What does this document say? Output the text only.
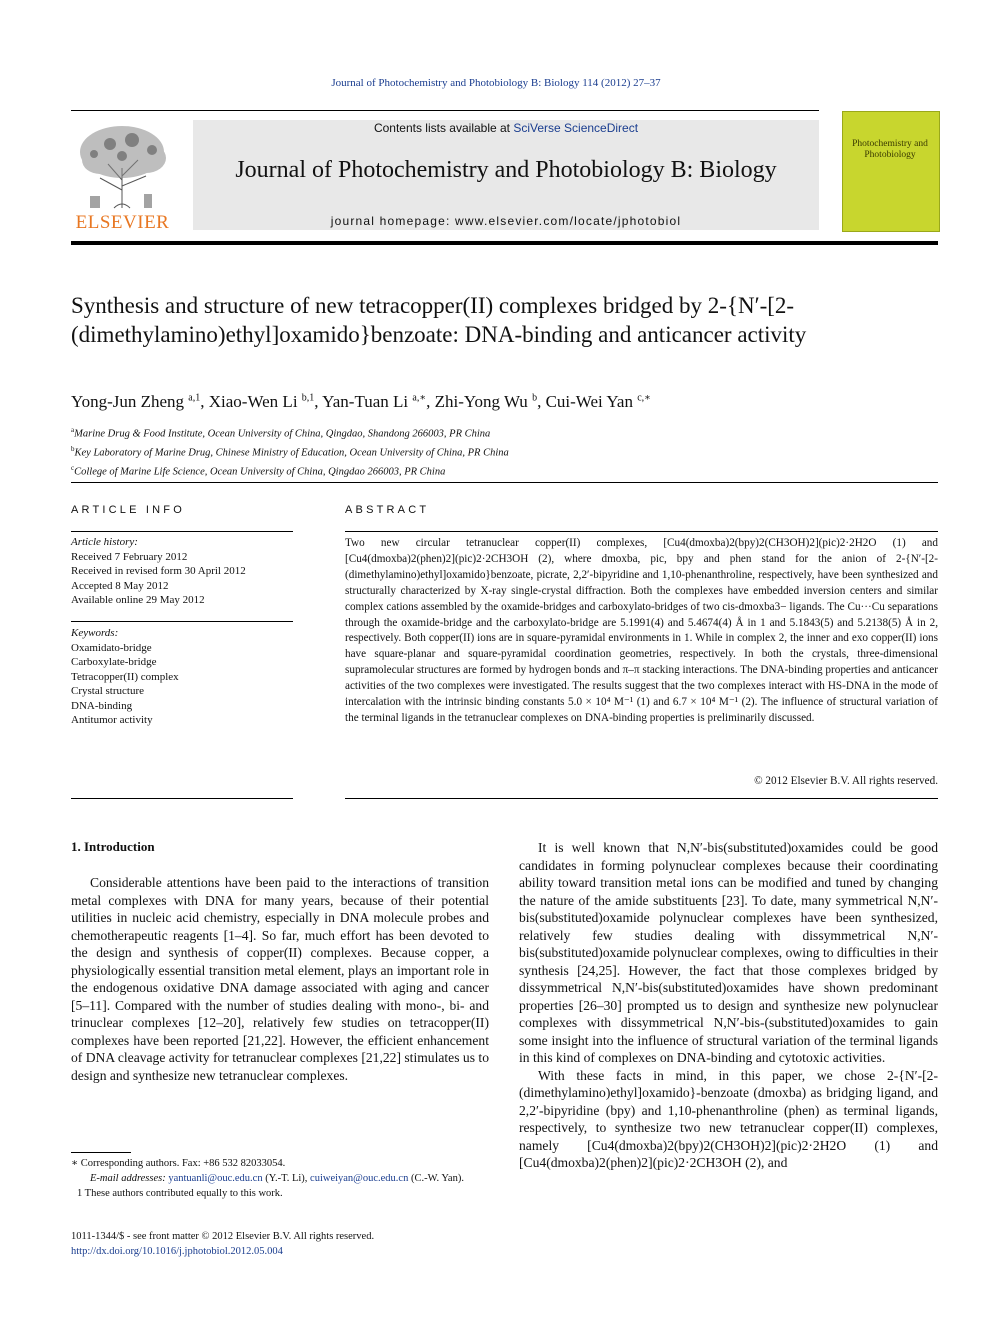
Journal of Photochemistry and Photobiology B: Biology 114 (2012) 27–37
ELSEVIER
Contents lists available at SciVerse ScienceDirect
Journal of Photochemistry and Photobiology B: Biology
journal homepage: www.elsevier.com/locate/jphotobiol
Photochemistry and Photobiology
Synthesis and structure of new tetracopper(II) complexes bridged by 2-{N′-[2-(dimethylamino)ethyl]oxamido}benzoate: DNA-binding and anticancer activity
Yong-Jun Zheng $^{a,1}$, Xiao-Wen Li $^{b,1}$, Yan-Tuan Li $^{a,∗}$, Zhi-Yong Wu $^b$, Cui-Wei Yan $^{c,∗}$
$^a$Marine Drug & Food Institute, Ocean University of China, Qingdao, Shandong 266003, PR China
$^b$Key Laboratory of Marine Drug, Chinese Ministry of Education, Ocean University of China, PR China
$^c$College of Marine Life Science, Ocean University of China, Qingdao 266003, PR China
ARTICLE INFO
Article history:
Received 7 February 2012
Received in revised form 30 April 2012
Accepted 8 May 2012
Available online 29 May 2012
Keywords:
Oxamidato-bridge
Carboxylate-bridge
Tetracopper(II) complex
Crystal structure
DNA-binding
Antitumor activity
ABSTRACT
Two new circular tetranuclear copper(II) complexes, [Cu4(dmoxba)2(bpy)2(CH3OH)2](pic)2·2H2O (1) and [Cu4(dmoxba)2(phen)2](pic)2·2CH3OH (2), where dmoxba, pic, bpy and phen stand for the anion of 2-{N′-[2-(dimethylamino)ethyl]oxamido}benzoate, picrate, 2,2′-bipyridine and 1,10-phenanthroline, respectively, have been synthesized and structurally characterized by X-ray single-crystal diffraction. Both the complexes have embedded inversion centers and similar complex cations assembled by the oxamide-bridges and carboxylato-bridges of two cis-dmoxba3− ligands. The Cu···Cu separations through the oxamide-bridge and the carboxylato-bridge are 5.1991(4) and 5.4674(4) Å in 1 and 5.1843(5) and 5.2138(5) Å in 2, respectively. Both copper(II) ions are in square-pyramidal environments in 1. While in complex 2, the inner and exo copper(II) ions have square-planar and square-pyramidal coordination geometries, respectively. In both the crystals, three-dimensional supramolecular structures are formed by hydrogen bonds and π–π stacking interactions. The DNA-binding properties and anticancer activities of the two complexes were investigated. The results suggest that the two complexes interact with HS-DNA in the mode of intercalation with the intrinsic binding constants 5.0 × 10⁴ M⁻¹ (1) and 6.7 × 10⁴ M⁻¹ (2). The influence of structural variation of the terminal ligands in the tetranuclear complexes on DNA-binding properties is preliminarily discussed.
© 2012 Elsevier B.V. All rights reserved.
1. Introduction

Considerable attentions have been paid to the interactions of transition metal complexes with DNA for many years, because of their potential utilities in nucleic acid chemistry, especially in DNA molecule probes and chemotherapeutic reagents [1–4]. So far, much effort has been devoted to the design and synthesis of copper(II) complexes. Because copper, a physiologically essential transition metal element, plays an important role in the endogenous oxidative DNA damage associated with aging and cancer [5–11]. Compared with the number of studies dealing with mono-, bi- and trinuclear complexes [12–20], relatively few studies on tetracopper(II) complexes have been reported [21,22]. However, the efficient enhancement of DNA cleavage activity for tetranuclear complexes [21,22] stimulates us to design and synthesize new tetranuclear complexes.

It is well known that N,N′-bis(substituted)oxamides could be good candidates in forming polynuclear complexes because their coordinating ability toward transition metal ions can be modified and tuned by changing the nature of the amide substituents [23]. To date, many symmetrical N,N′-bis(substituted)oxamide polynuclear complexes have been synthesized, relatively few studies dealing with dissymmetrical N,N′-bis(substituted)oxamide polynuclear complexes, owing to difficulties in their synthesis [24,25]. However, the fact that those complexes bridged by dissymmetrical N,N′-bis(substituted)oxamides have shown predominant properties [26–30] prompted us to design and synthesize new polynuclear complexes with dissymmetrical N,N′-bis-(substituted)oxamides to gain some insight into the influence of structural variation of the terminal ligands in this kind of complexes on DNA-binding and cytotoxic activities.

With these facts in mind, in this paper, we chose 2-{N′-[2-(dimethylamino)ethyl]oxamido}-benzoate (dmoxba) as bridging ligand, and 2,2′-bipyridine (bpy) and 1,10-phenanthroline (phen) as terminal ligands, respectively, to synthesize two new tetranuclear copper(II) complexes, namely [Cu4(dmoxba)2(bpy)2(CH3OH)2](pic)2·2H2O (1) and [Cu4(dmoxba)2(phen)2](pic)2·2CH3OH (2), and

∗ Corresponding authors. Fax: +86 532 82033054.
E-mail addresses: yantuanli@ouc.edu.cn (Y.-T. Li), cuiweiyan@ouc.edu.cn (C.-W. Yan).
1 These authors contributed equally to this work.
1011-1344/$ - see front matter © 2012 Elsevier B.V. All rights reserved.
http://dx.doi.org/10.1016/j.jphotobiol.2012.05.004
